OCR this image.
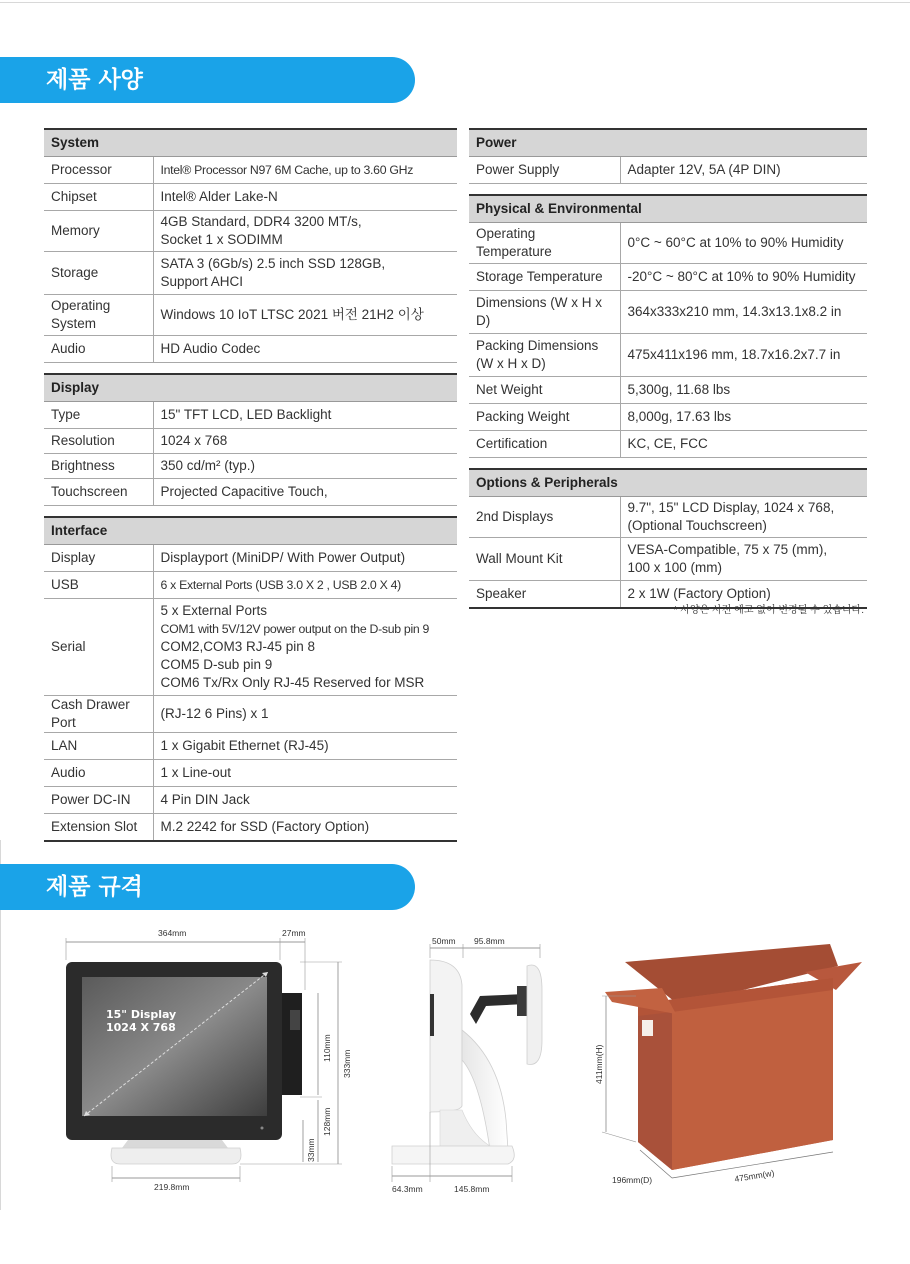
제품 사양
System	
Processor	Intel® Processor N97 6M Cache, up to 3.60 GHz

Chipset	Intel® Alder Lake-N

Memory	4GB Standard, DDR4 3200 MT/s,
Socket 1 x SODIMM

Storage	SATA 3 (6Gb/s) 2.5 inch SSD 128GB,
Support AHCI

Operating System	Windows 10 IoT LTSC 2021 버전 21H2 이상

Audio	HD Audio Codec

Display	
Type	15" TFT LCD, LED Backlight

Resolution	1024 x 768

Brightness	350 cd/m² (typ.)

Touchscreen	Projected Capacitive Touch,

Interface	
Display	Displayport (MiniDP/ With Power Output)

USB	6 x External Ports (USB 3.0 X 2 , USB 2.0 X 4)

Serial	5 x External Ports
COM1 with 5V/12V power output on the D-sub pin 9
COM2,COM3 RJ-45 pin 8
COM5 D-sub pin 9
COM6 Tx/Rx Only RJ-45 Reserved for MSR

Cash Drawer Port	(RJ-12 6 Pins) x 1

LAN	1 x Gigabit Ethernet (RJ-45)

Audio	1 x Line-out

Power DC-IN	4 Pin DIN Jack

Extension Slot	M.2 2242 for SSD (Factory Option)
Power	
Power Supply	Adapter 12V, 5A (4P DIN)

Physical & Environmental	
Operating Temperature	0°C ~ 60°C at 10% to 90% Humidity

Storage Temperature	-20°C ~ 80°C at 10% to 90% Humidity

Dimensions (W x H x D)	364x333x210 mm, 14.3x13.1x8.2 in

Packing Dimensions (W x H x D)	475x411x196 mm, 18.7x16.2x7.7 in

Net Weight	5,300g, 11.68 lbs

Packing Weight	8,000g, 17.63 lbs

Certification	KC, CE, FCC

Options & Peripherals	
2nd Displays	9.7", 15" LCD Display, 1024 x 768,
(Optional Touchscreen)

Wall Mount Kit	VESA-Compatible, 75 x 75 (mm),
100 x 100 (mm)

Speaker	2 x 1W (Factory Option)
* 사양은 사전 예고 없이 변경될 수 있습니다.
제품 규격
364mm	27mm
15" Display
1024 X 768
110mm
128mm
33mm
333mm
219.8mm
50mm 95.8mm
64.3mm	145.8mm
411mm(H)
196mm(D)	475mm(w)
